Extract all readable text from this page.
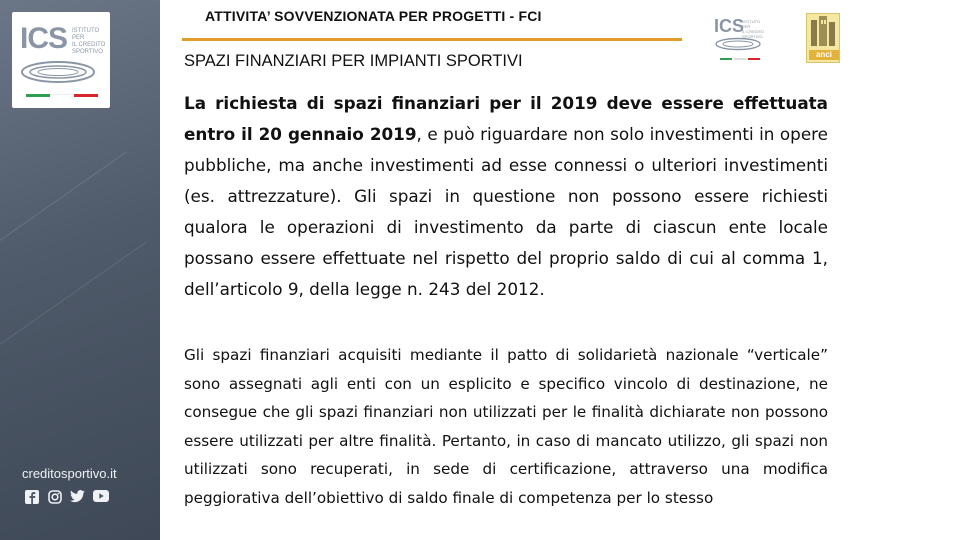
ICS ISTITUTO PER
IL CREDITO
SPORTIVO
creditosportivo.it
ATTIVITA’ SOVVENZIONATA PER PROGETTI - FCI	ICS
ISTITUTO PER
IL CREDITO
SPORTIVO
anci
SPAZI FINANZIARI PER IMPIANTI SPORTIVI
La richiesta di spazi finanziari per il 2019 deve essere effettuata entro il 20 gennaio 2019, e può riguardare non solo investimenti in opere pubbliche, ma anche investimenti ad esse connessi o ulteriori investimenti (es. attrezzature). Gli spazi in questione non possono essere richiesti qualora le operazioni di investimento da parte di ciascun ente locale possano essere effettuate nel rispetto del proprio saldo di cui al comma 1, dell’articolo 9, della legge n. 243 del 2012.
Gli spazi finanziari acquisiti mediante il patto di solidarietà nazionale “verticale” sono assegnati agli enti con un esplicito e specifico vincolo di destinazione, ne consegue che gli spazi finanziari non utilizzati per le finalità dichiarate non possono essere utilizzati per altre finalità. Pertanto, in caso di mancato utilizzo, gli spazi non utilizzati sono recuperati, in sede di certificazione, attraverso una modifica peggiorativa dell’obiettivo di saldo finale di competenza per lo stesso
